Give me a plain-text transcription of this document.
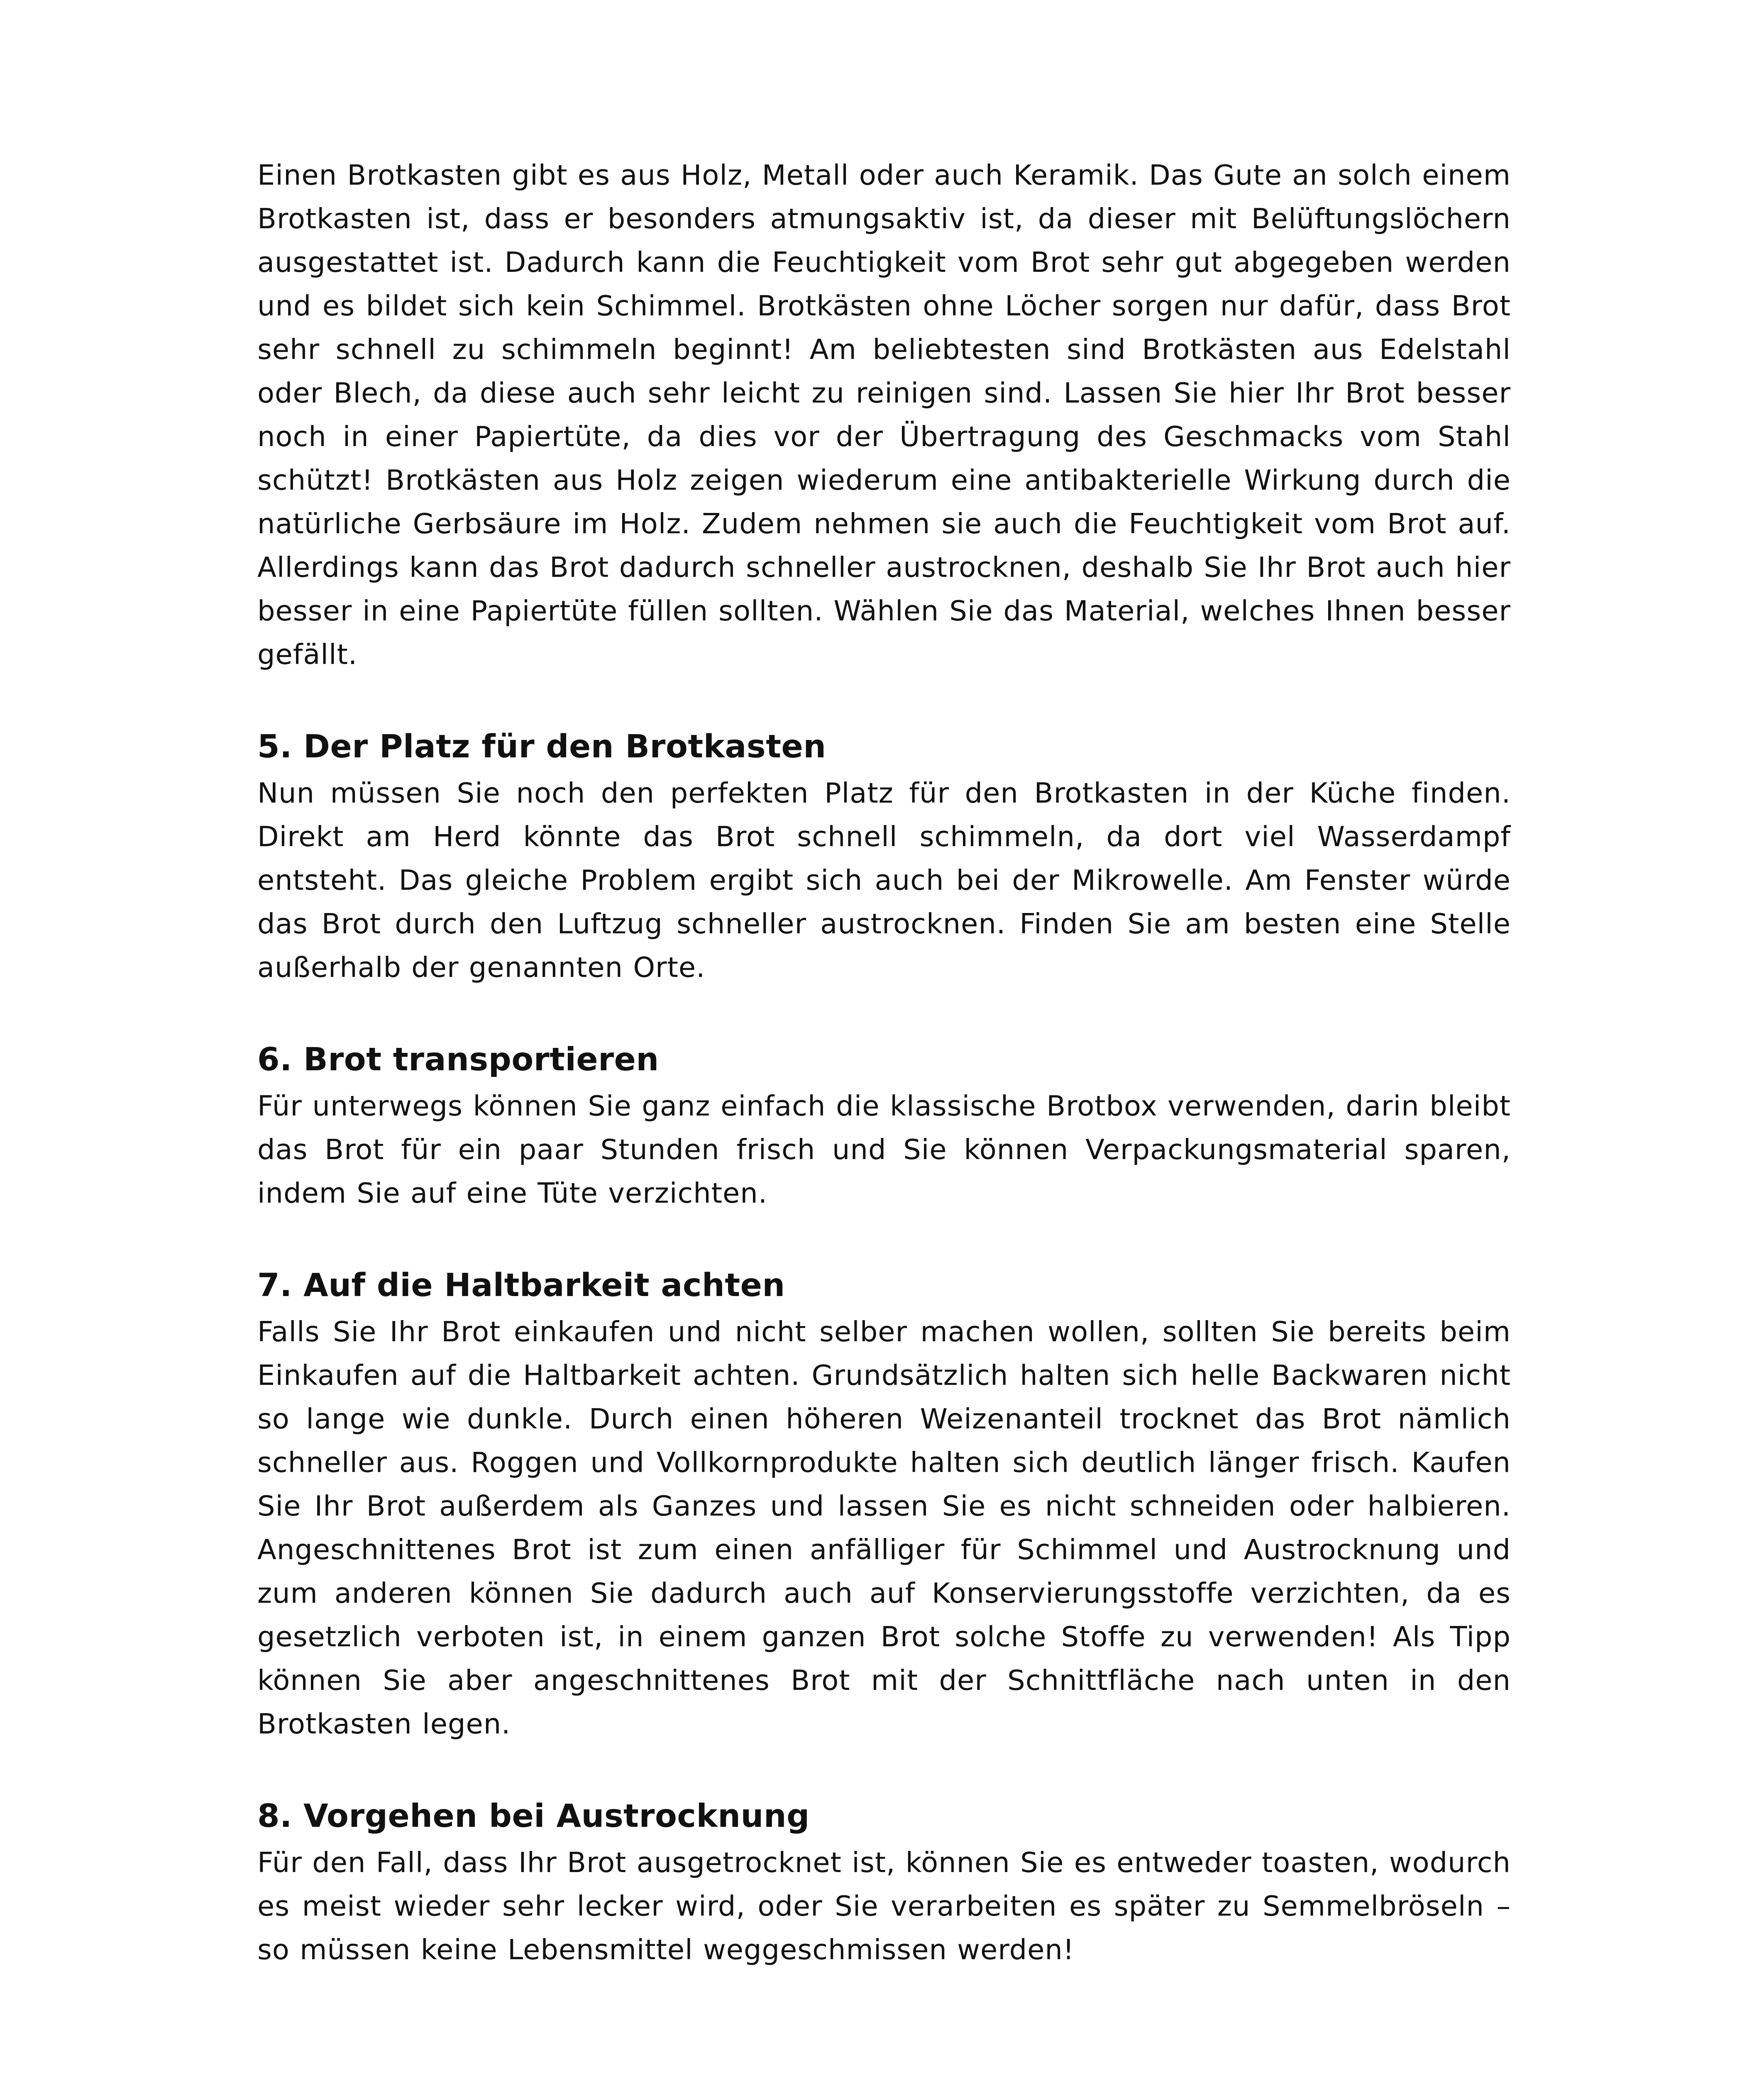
Einen Brotkasten gibt es aus Holz, Metall oder auch Keramik. Das Gute an solch einem Brotkasten ist, dass er besonders atmungsaktiv ist, da dieser mit Belüftungslöchern ausgestattet ist. Dadurch kann die Feuchtigkeit vom Brot sehr gut abgegeben werden und es bildet sich kein Schimmel. Brotkästen ohne Löcher sorgen nur dafür, dass Brot sehr schnell zu schimmeln beginnt! Am beliebtesten sind Brotkästen aus Edelstahl oder Blech, da diese auch sehr leicht zu reinigen sind. Lassen Sie hier Ihr Brot besser noch in einer Papiertüte, da dies vor der Übertragung des Geschmacks vom Stahl schützt! Brotkästen aus Holz zeigen wiederum eine antibakterielle Wirkung durch die natürliche Gerbsäure im Holz. Zudem nehmen sie auch die Feuchtigkeit vom Brot auf. Allerdings kann das Brot dadurch schneller austrocknen, deshalb Sie Ihr Brot auch hier besser in eine Papiertüte füllen sollten. Wählen Sie das Material, welches Ihnen besser gefällt.

5. Der Platz für den Brotkasten

Nun müssen Sie noch den perfekten Platz für den Brotkasten in der Küche finden. Direkt am Herd könnte das Brot schnell schimmeln, da dort viel Wasserdampf entsteht. Das gleiche Problem ergibt sich auch bei der Mikrowelle. Am Fenster würde das Brot durch den Luftzug schneller austrocknen. Finden Sie am besten eine Stelle außerhalb der genannten Orte.

6. Brot transportieren

Für unterwegs können Sie ganz einfach die klassische Brotbox verwenden, darin bleibt das Brot für ein paar Stunden frisch und Sie können Verpackungsmaterial sparen, indem Sie auf eine Tüte verzichten.

7. Auf die Haltbarkeit achten

Falls Sie Ihr Brot einkaufen und nicht selber machen wollen, sollten Sie bereits beim Einkaufen auf die Haltbarkeit achten. Grundsätzlich halten sich helle Backwaren nicht so lange wie dunkle. Durch einen höheren Weizenanteil trocknet das Brot nämlich schneller aus. Roggen und Vollkornprodukte halten sich deutlich länger frisch. Kaufen Sie Ihr Brot außerdem als Ganzes und lassen Sie es nicht schneiden oder halbieren. Angeschnittenes Brot ist zum einen anfälliger für Schimmel und Austrocknung und zum anderen können Sie dadurch auch auf Konservierungsstoffe verzichten, da es gesetzlich verboten ist, in einem ganzen Brot solche Stoffe zu verwenden! Als Tipp können Sie aber angeschnittenes Brot mit der Schnittfläche nach unten in den Brotkasten legen.

8. Vorgehen bei Austrocknung

Für den Fall, dass Ihr Brot ausgetrocknet ist, können Sie es entweder toasten, wodurch es meist wieder sehr lecker wird, oder Sie verarbeiten es später zu Semmelbröseln – so müssen keine Lebensmittel weggeschmissen werden!
